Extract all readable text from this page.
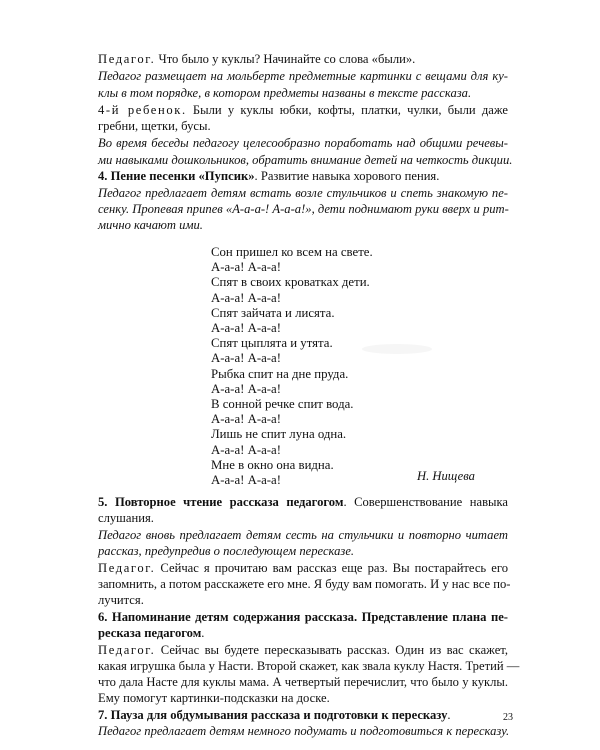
Педагог. Что было у куклы? Начинайте со слова «были».
Педагог размещает на мольберте предметные картинки с вещами для ку-
клы в том порядке, в котором предметы названы в тексте рассказа.
4-й ребенок. Были у куклы юбки, кофты, платки, чулки, были даже
гребни, щетки, бусы.
Во время беседы педагогу целесообразно поработать над общими речевы-
ми навыками дошкольников, обратить внимание детей на четкость дикции.
4. Пение песенки «Пупсик». Развитие навыка хорового пения.
Педагог предлагает детям встать возле стульчиков и спеть знакомую пе-
сенку. Пропевая припев «А-а-а-! А-а-а!», дети поднимают руки вверх и рит-
мично качают ими.
Сон пришел ко всем на свете.
А-а-а! А-а-а!
Спят в своих кроватках дети.
А-а-а! А-а-а!
Спят зайчата и лисята.
А-а-а! А-а-а!
Спят цыплята и утята.
А-а-а! А-а-а!
Рыбка спит на дне пруда.
А-а-а! А-а-а!
В сонной речке спит вода.
А-а-а! А-а-а!
Лишь не спит луна одна.
А-а-а! А-а-а!
Мне в окно она видна.
А-а-а! А-а-а!	Н. Нищева
5. Повторное чтение рассказа педагогом. Совершенствование навыка
слушания.
Педагог вновь предлагает детям сесть на стульчики и повторно читает
рассказ, предупредив о последующем пересказе.
Педагог. Сейчас я прочитаю вам рассказ еще раз. Вы постарайтесь его
запомнить, а потом расскажете его мне. Я буду вам помогать. И у нас все по-
лучится.
6. Напоминание детям содержания рассказа. Представление плана пе-
ресказа педагогом.
Педагог. Сейчас вы будете пересказывать рассказ. Один из вас скажет,
какая игрушка была у Насти. Второй скажет, как звала куклу Настя. Третий —
что дала Насте для куклы мама. А четвертый перечислит, что было у куклы.
Ему помогут картинки-подсказки на доске.
7. Пауза для обдумывания рассказа и подготовки к пересказу.
Педагог предлагает детям немного подумать и подготовиться к пересказу.
23
